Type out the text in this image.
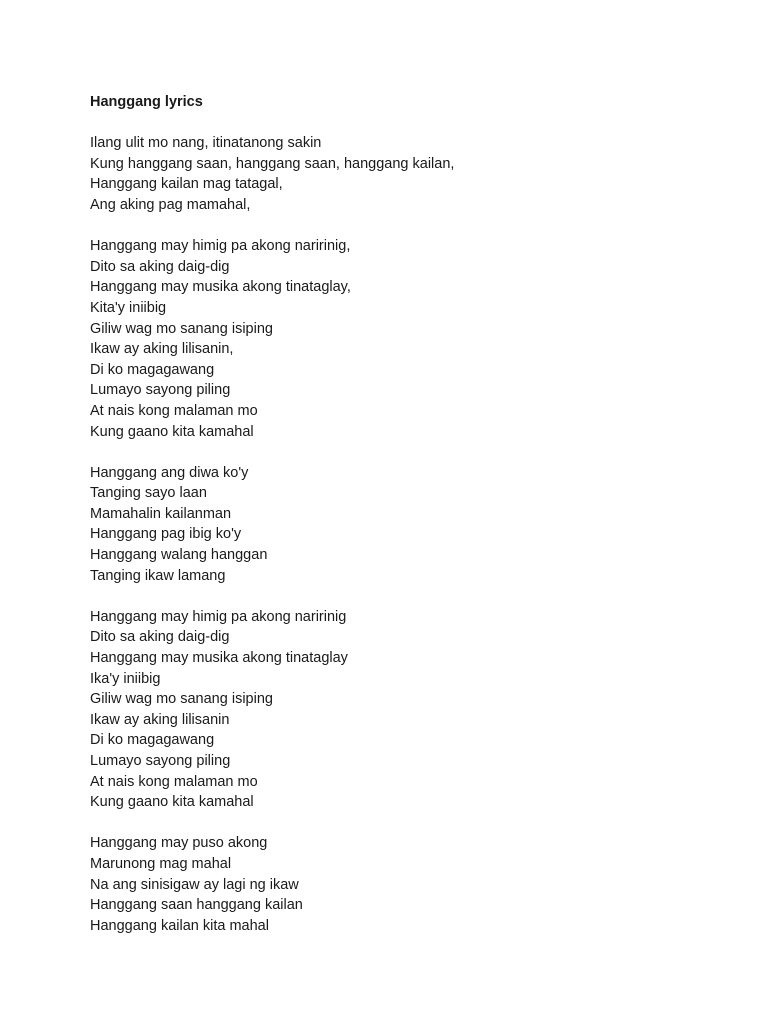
Hanggang lyrics
Ilang ulit mo nang, itinatanong sakin
Kung hanggang saan, hanggang saan, hanggang kailan,
Hanggang kailan mag tatagal,
Ang aking pag mamahal,
Hanggang may himig pa akong naririnig,
Dito sa aking daig-dig
Hanggang may musika akong tinataglay,
Kita'y iniibig
Giliw wag mo sanang isiping
Ikaw ay aking lilisanin,
Di ko magagawang
Lumayo sayong piling
At nais kong malaman mo
Kung gaano kita kamahal
Hanggang ang diwa ko'y
Tanging sayo laan
Mamahalin kailanman
Hanggang pag ibig ko'y
Hanggang walang hanggan
Tanging ikaw lamang
Hanggang may himig pa akong naririnig
Dito sa aking daig-dig
Hanggang may musika akong tinataglay
Ika'y iniibig
Giliw wag mo sanang isiping
Ikaw ay aking lilisanin
Di ko magagawang
Lumayo sayong piling
At nais kong malaman mo
Kung gaano kita kamahal
Hanggang may puso akong
Marunong mag mahal
Na ang sinisigaw ay lagi ng ikaw
Hanggang saan hanggang kailan
Hanggang kailan kita mahal
